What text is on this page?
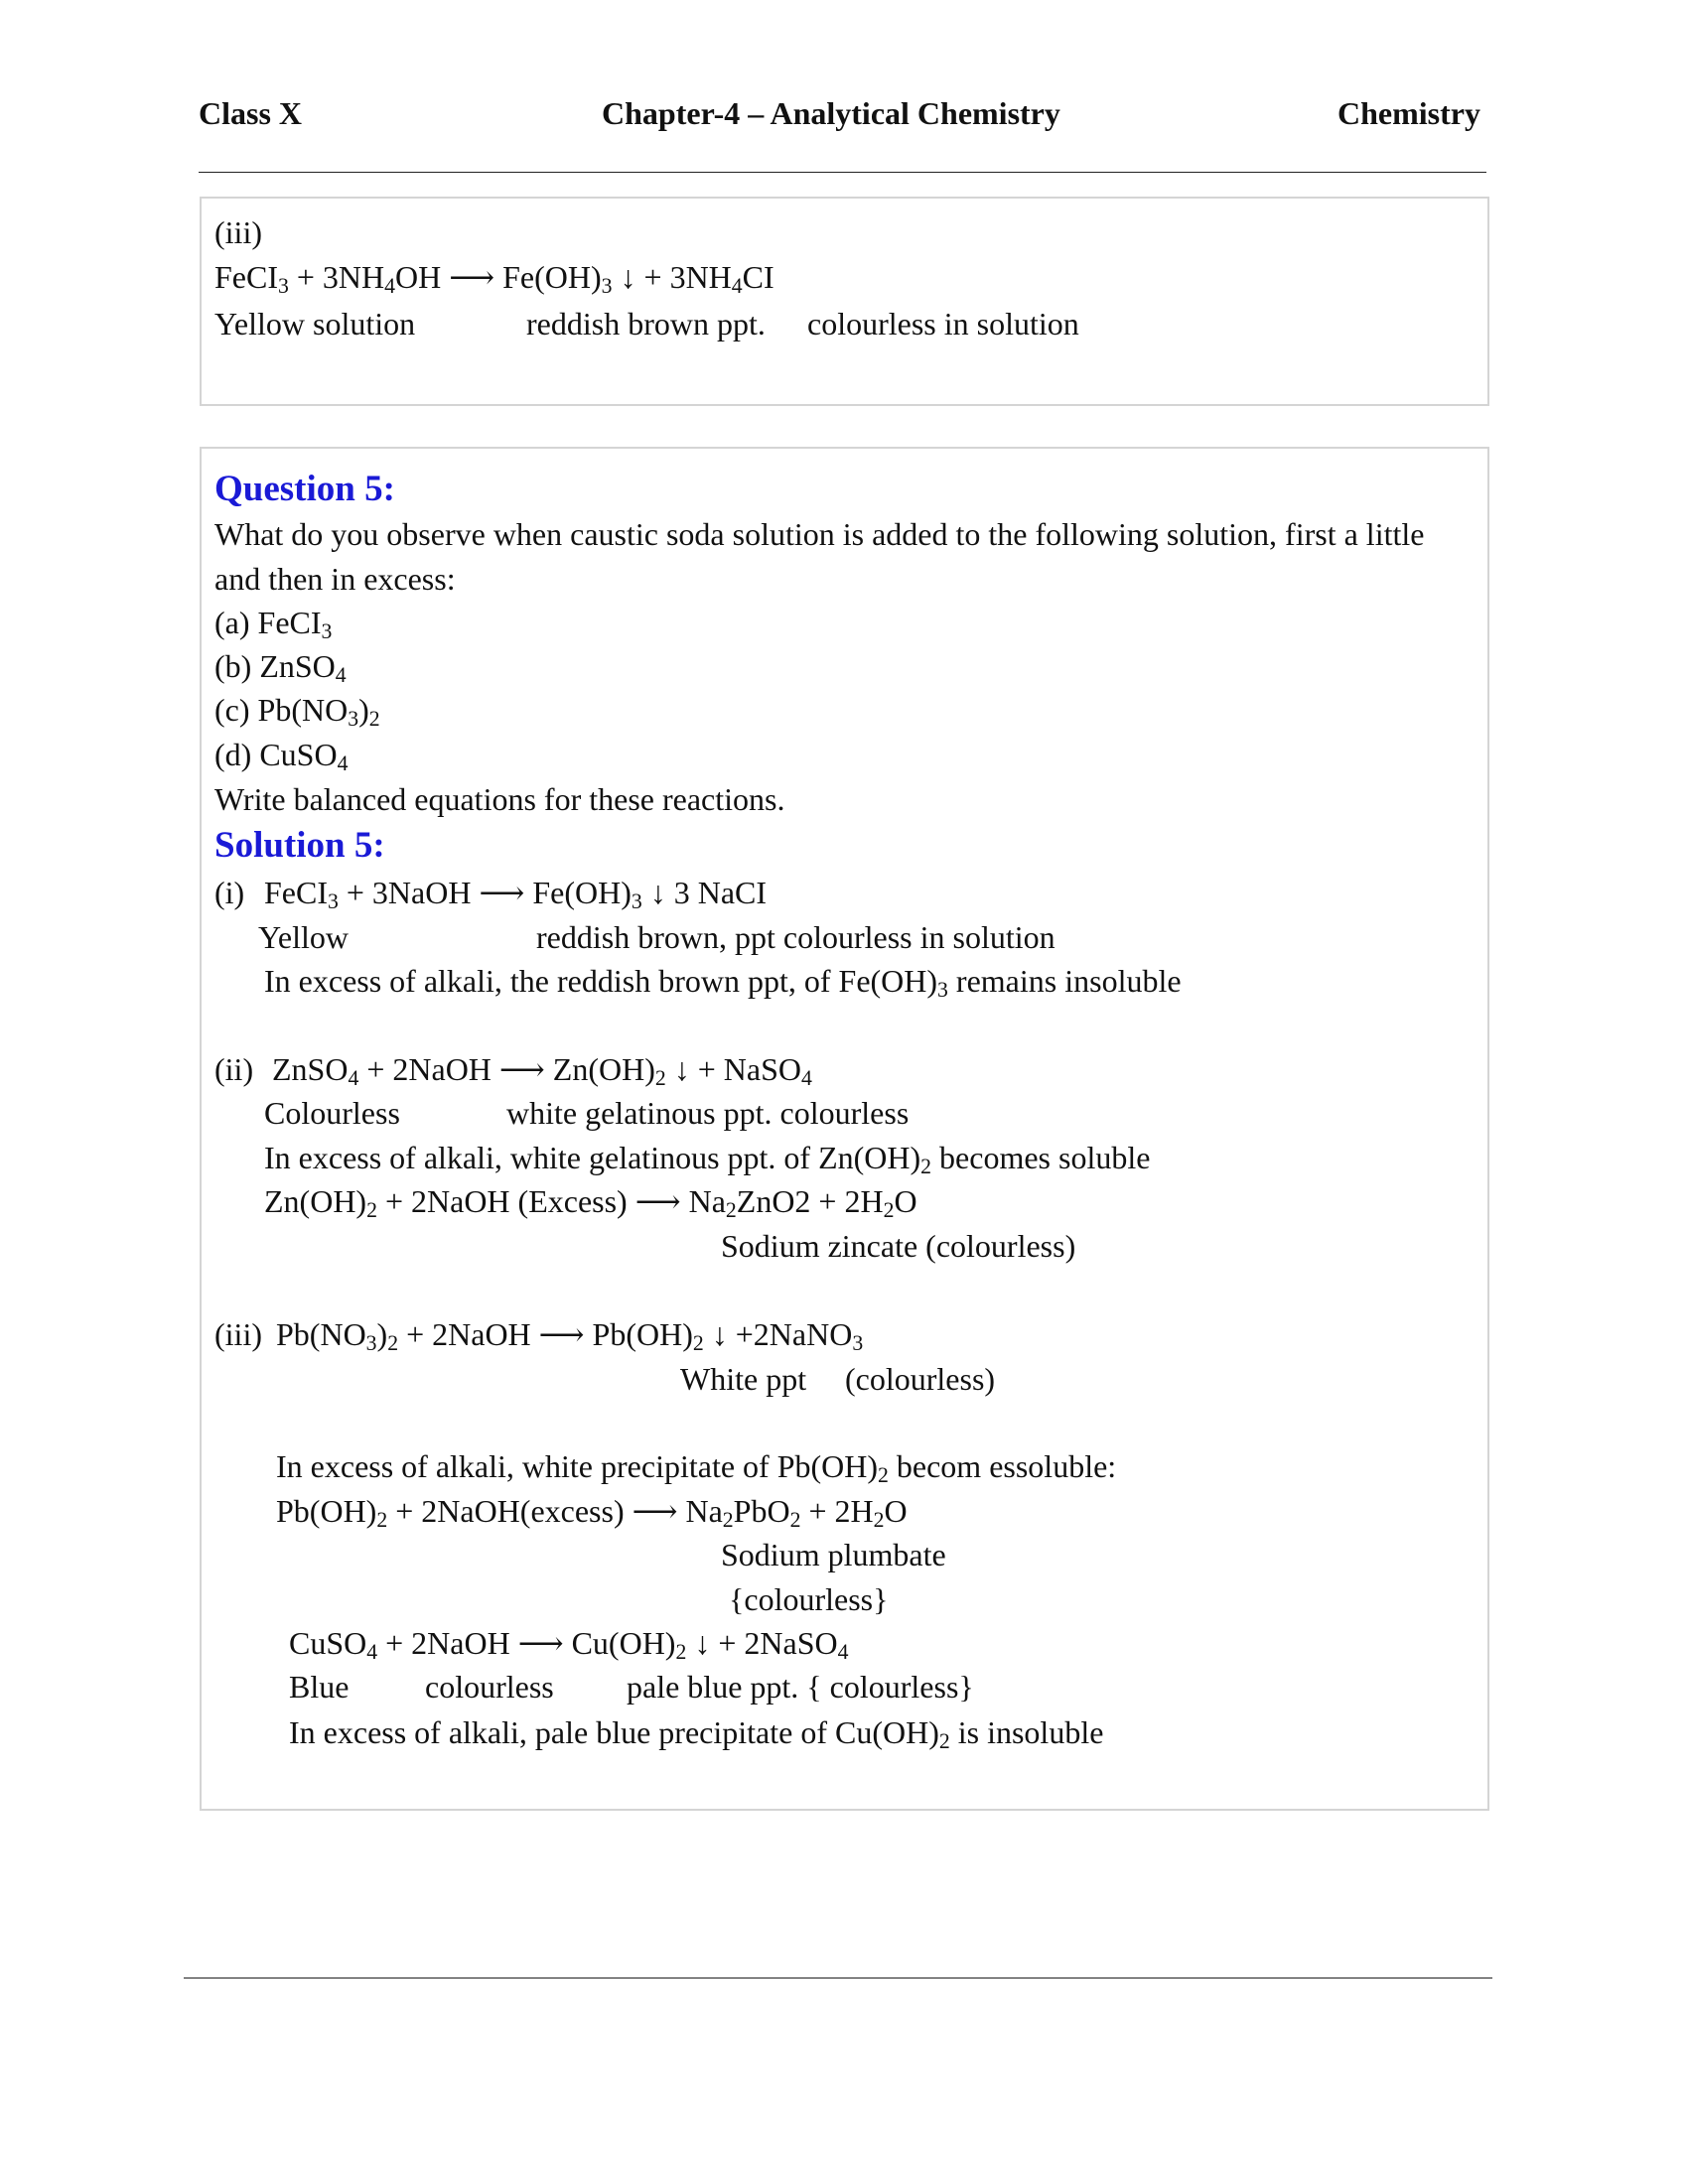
Class X	Chapter-4 – Analytical Chemistry	Chemistry
(iii)
FeCI$_3$ + $3NH_4OH$ ⟶ $Fe(OH)_3$ ↓ + $3NH_4CI$
Yellow solution	reddish brown ppt. colourless in solution
Question 5:
What do you observe when caustic soda solution is added to the following solution, first a little
and then in excess:
(a) FeCI$_3$
(b) ZnSO$_4$
(c) $Pb(NO_3)_2$
(d) CuSO$_4$
Write balanced equations for these reactions.
Solution 5:
(i) FeCI$_3$ + 3NaOH ⟶ $Fe(OH)_3$ ↓ 3 NaCI
Yellow	reddish brown, ppt colourless in solution
In excess of alkali, the reddish brown ppt, of $Fe(OH)_3$ remains insoluble
(ii) ZnSO$_4$ + 2NaOH ⟶ $Zn(OH)_2$ ↓ + NaSO$_4$
Colourless	white gelatinous ppt. colourless
In excess of alkali, white gelatinous ppt. of $Zn(OH)_2$ becomes soluble
$Zn(OH)_2$ + 2NaOH (Excess) ⟶ $Na_2ZnO2 + 2H_2O$
Sodium zincate (colourless)
(iii) $Pb(NO_3)_2$ + 2NaOH ⟶ $Pb(OH)_2$ ↓ +2NaNO$_3$
White ppt (colourless)
In excess of alkali, white precipitate of $Pb(OH)_2$ becom essoluble:
$Pb(OH)_2$ + 2NaOH(excess) ⟶ $Na_2PbO_2 + 2H_2O$
Sodium plumbate
{colourless}
CuSO$_4$ + 2NaOH ⟶ $Cu(OH)_2$ ↓ + 2NaSO$_4$
Blue colourless pale blue ppt. { colourless}
In excess of alkali, pale blue precipitate of $Cu(OH)_2$ is insoluble
